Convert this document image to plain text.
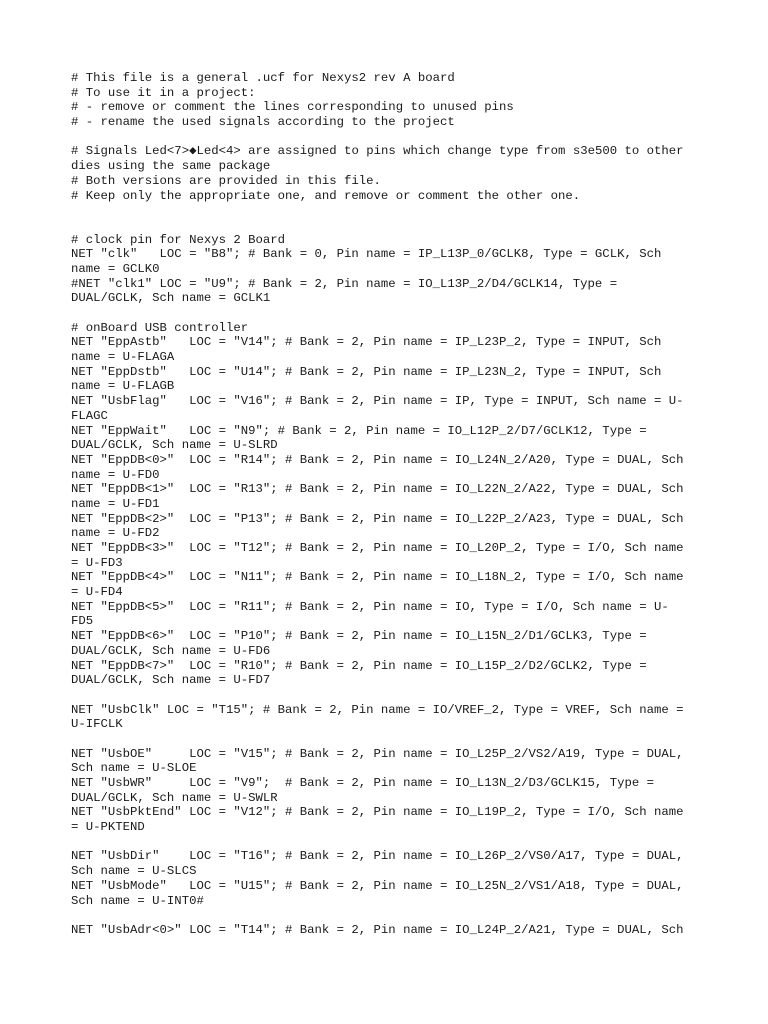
# This file is a general .ucf for Nexys2 rev A board
# To use it in a project:
# - remove or comment the lines corresponding to unused pins
# - rename the used signals according to the project
# Signals Led<7>◆Led<4> are assigned to pins which change type from s3e500 to other
dies using the same package
# Both versions are provided in this file.
# Keep only the appropriate one, and remove or comment the other one.
# clock pin for Nexys 2 Board
NET "clk"   LOC = "B8"; # Bank = 0, Pin name = IP_L13P_0/GCLK8, Type = GCLK, Sch
name = GCLK0
#NET "clk1" LOC = "U9"; # Bank = 2, Pin name = IO_L13P_2/D4/GCLK14, Type =
DUAL/GCLK, Sch name = GCLK1
# onBoard USB controller
NET "EppAstb"   LOC = "V14"; # Bank = 2, Pin name = IP_L23P_2, Type = INPUT, Sch
name = U-FLAGA
NET "EppDstb"   LOC = "U14"; # Bank = 2, Pin name = IP_L23N_2, Type = INPUT, Sch
name = U-FLAGB
NET "UsbFlag"   LOC = "V16"; # Bank = 2, Pin name = IP, Type = INPUT, Sch name = U-
FLAGC
NET "EppWait"   LOC = "N9"; # Bank = 2, Pin name = IO_L12P_2/D7/GCLK12, Type =
DUAL/GCLK, Sch name = U-SLRD
NET "EppDB<0>"  LOC = "R14"; # Bank = 2, Pin name = IO_L24N_2/A20, Type = DUAL, Sch
name = U-FD0
NET "EppDB<1>"  LOC = "R13"; # Bank = 2, Pin name = IO_L22N_2/A22, Type = DUAL, Sch
name = U-FD1
NET "EppDB<2>"  LOC = "P13"; # Bank = 2, Pin name = IO_L22P_2/A23, Type = DUAL, Sch
name = U-FD2
NET "EppDB<3>"  LOC = "T12"; # Bank = 2, Pin name = IO_L20P_2, Type = I/O, Sch name
= U-FD3
NET "EppDB<4>"  LOC = "N11"; # Bank = 2, Pin name = IO_L18N_2, Type = I/O, Sch name
= U-FD4
NET "EppDB<5>"  LOC = "R11"; # Bank = 2, Pin name = IO, Type = I/O, Sch name = U-
FD5
NET "EppDB<6>"  LOC = "P10"; # Bank = 2, Pin name = IO_L15N_2/D1/GCLK3, Type =
DUAL/GCLK, Sch name = U-FD6
NET "EppDB<7>"  LOC = "R10"; # Bank = 2, Pin name = IO_L15P_2/D2/GCLK2, Type =
DUAL/GCLK, Sch name = U-FD7
NET "UsbClk" LOC = "T15"; # Bank = 2, Pin name = IO/VREF_2, Type = VREF, Sch name =
U-IFCLK
NET "UsbOE"     LOC = "V15"; # Bank = 2, Pin name = IO_L25P_2/VS2/A19, Type = DUAL,
Sch name = U-SLOE
NET "UsbWR"     LOC = "V9";  # Bank = 2, Pin name = IO_L13N_2/D3/GCLK15, Type =
DUAL/GCLK, Sch name = U-SWLR
NET "UsbPktEnd" LOC = "V12"; # Bank = 2, Pin name = IO_L19P_2, Type = I/O, Sch name
= U-PKTEND
NET "UsbDir"    LOC = "T16"; # Bank = 2, Pin name = IO_L26P_2/VS0/A17, Type = DUAL,
Sch name = U-SLCS
NET "UsbMode"   LOC = "U15"; # Bank = 2, Pin name = IO_L25N_2/VS1/A18, Type = DUAL,
Sch name = U-INT0#
NET "UsbAdr<0>" LOC = "T14"; # Bank = 2, Pin name = IO_L24P_2/A21, Type = DUAL, Sch
